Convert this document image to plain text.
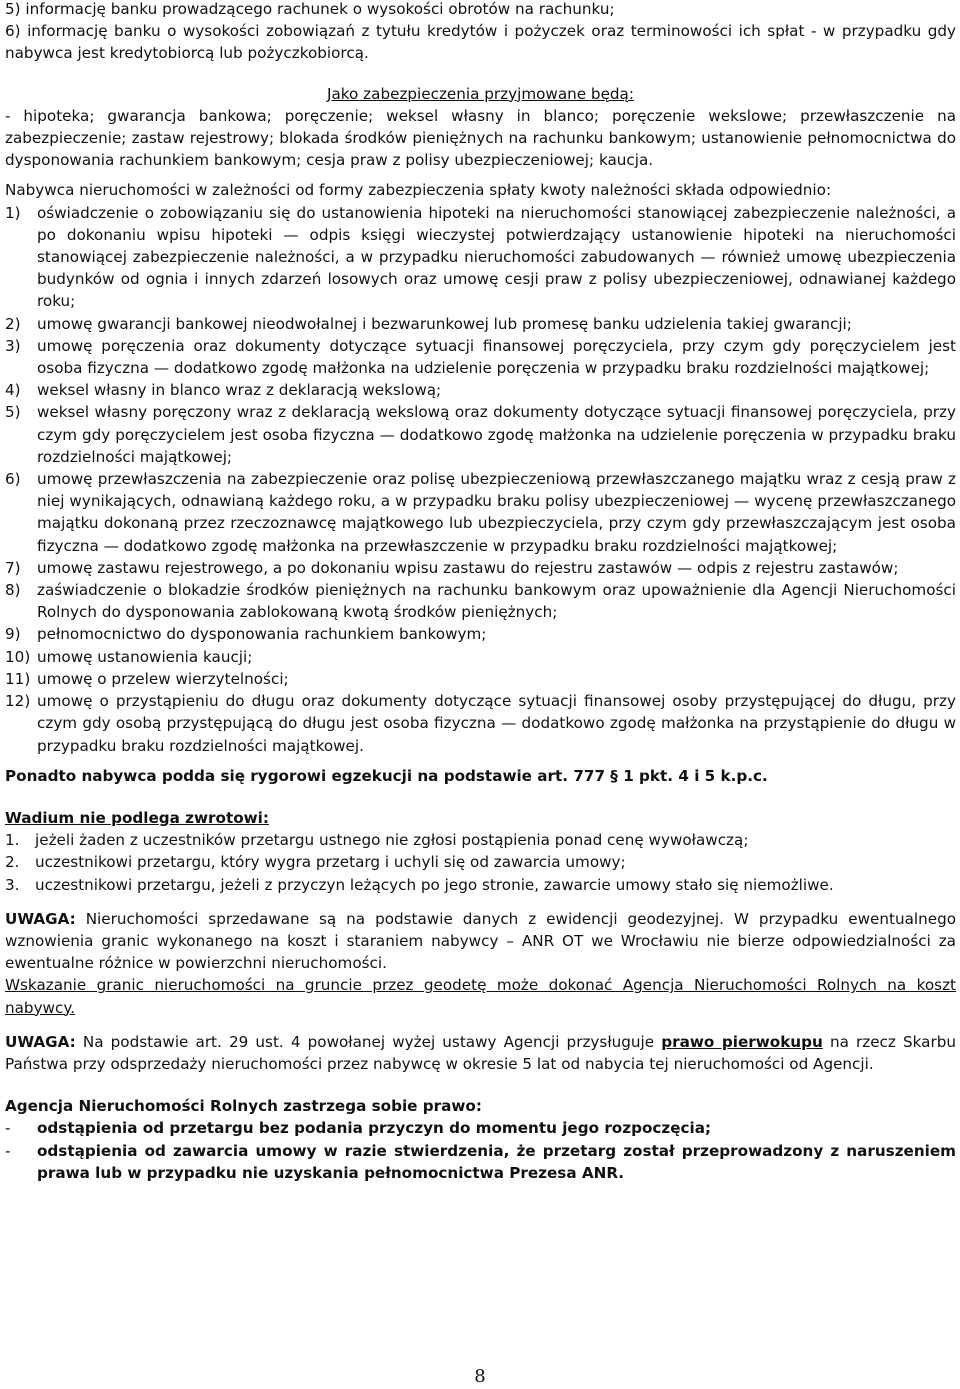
5) informację banku prowadzącego rachunek o wysokości obrotów na rachunku;
6) informację banku o wysokości zobowiązań z tytułu kredytów i pożyczek oraz terminowości ich spłat - w przypadku gdy nabywca jest kredytobiorcą lub pożyczkobiorcą.
Jako zabezpieczenia przyjmowane będą:
- hipoteka; gwarancja bankowa; poręczenie; weksel własny in blanco; poręczenie wekslowe; przewłaszczenie na zabezpieczenie; zastaw rejestrowy; blokada środków pieniężnych na rachunku bankowym; ustanowienie pełnomocnictwa do dysponowania rachunkiem bankowym; cesja praw z polisy ubezpieczeniowej; kaucja.
Nabywca nieruchomości w zależności od formy zabezpieczenia spłaty kwoty należności składa odpowiednio:
1)	oświadczenie o zobowiązaniu się do ustanowienia hipoteki na nieruchomości stanowiącej zabezpieczenie należności, a po dokonaniu wpisu hipoteki — odpis księgi wieczystej potwierdzający ustanowienie hipoteki na nieruchomości stanowiącej zabezpieczenie należności, a w przypadku nieruchomości zabudowanych — również umowę ubezpieczenia budynków od ognia i innych zdarzeń losowych oraz umowę cesji praw z polisy ubezpieczeniowej, odnawianej każdego roku;
2)	umowę gwarancji bankowej nieodwołalnej i bezwarunkowej lub promesę banku udzielenia takiej gwarancji;
3)	umowę poręczenia oraz dokumenty dotyczące sytuacji finansowej poręczyciela, przy czym gdy poręczycielem jest osoba fizyczna — dodatkowo zgodę małżonka na udzielenie poręczenia w przypadku braku rozdzielności majątkowej;
4)	weksel własny in blanco wraz z deklaracją wekslową;
5)	weksel własny poręczony wraz z deklaracją wekslową oraz dokumenty dotyczące sytuacji finansowej poręczyciela, przy czym gdy poręczycielem jest osoba fizyczna — dodatkowo zgodę małżonka na udzielenie poręczenia w przypadku braku rozdzielności majątkowej;
6)	umowę przewłaszczenia na zabezpieczenie oraz polisę ubezpieczeniową przewłaszczanego majątku wraz z cesją praw z niej wynikających, odnawianą każdego roku, a w przypadku braku polisy ubezpieczeniowej — wycenę przewłaszczanego majątku dokonaną przez rzeczoznawcę majątkowego lub ubezpieczyciela, przy czym gdy przewłaszczającym jest osoba fizyczna — dodatkowo zgodę małżonka na przewłaszczenie w przypadku braku rozdzielności majątkowej;
7)	umowę zastawu rejestrowego, a po dokonaniu wpisu zastawu do rejestru zastawów — odpis z rejestru zastawów;
8)	zaświadczenie o blokadzie środków pieniężnych na rachunku bankowym oraz upoważnienie dla Agencji Nieruchomości Rolnych do dysponowania zablokowaną kwotą środków pieniężnych;
9)	pełnomocnictwo do dysponowania rachunkiem bankowym;
10) umowę ustanowienia kaucji;
11) umowę o przelew wierzytelności;
12) umowę o przystąpieniu do długu oraz dokumenty dotyczące sytuacji finansowej osoby przystępującej do długu, przy czym gdy osobą przystępującą do długu jest osoba fizyczna — dodatkowo zgodę małżonka na przystąpienie do długu w przypadku braku rozdzielności majątkowej.
Ponadto nabywca podda się rygorowi egzekucji na podstawie art. 777 § 1 pkt. 4 i 5 k.p.c.
Wadium nie podlega zwrotowi:
1.	jeżeli żaden z uczestników przetargu ustnego nie zgłosi postąpienia ponad cenę wywoławczą;
2.	uczestnikowi przetargu, który wygra przetarg i uchyli się od zawarcia umowy;
3.	uczestnikowi przetargu, jeżeli z przyczyn leżących po jego stronie, zawarcie umowy stało się niemożliwe.
UWAGA: Nieruchomości sprzedawane są na podstawie danych z ewidencji geodezyjnej. W przypadku ewentualnego wznowienia granic wykonanego na koszt i staraniem nabywcy – ANR OT we Wrocławiu nie bierze odpowiedzialności za ewentualne różnice w powierzchni nieruchomości.
Wskazanie granic nieruchomości na gruncie przez geodetę może dokonać Agencja Nieruchomości Rolnych na koszt nabywcy.
UWAGA: Na podstawie art. 29 ust. 4 powołanej wyżej ustawy Agencji przysługuje prawo pierwokupu na rzecz Skarbu Państwa przy odsprzedaży nieruchomości przez nabywcę w okresie 5 lat od nabycia tej nieruchomości od Agencji.
Agencja Nieruchomości Rolnych zastrzega sobie prawo:
-	odstąpienia od przetargu bez podania przyczyn do momentu jego rozpoczęcia;
-	odstąpienia od zawarcia umowy w razie stwierdzenia, że przetarg został przeprowadzony z naruszeniem prawa lub w przypadku nie uzyskania pełnomocnictwa Prezesa ANR.
8
